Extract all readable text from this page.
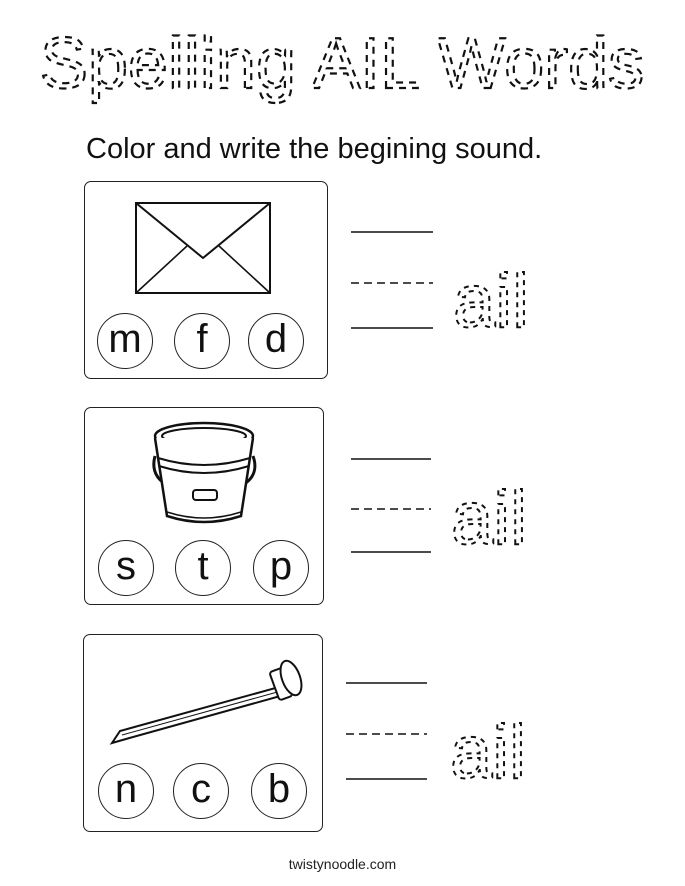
Spelling AIL Words
Color and write the begining sound.
m f d ail
s t p
ail
n c b ail
twistynoodle.com
